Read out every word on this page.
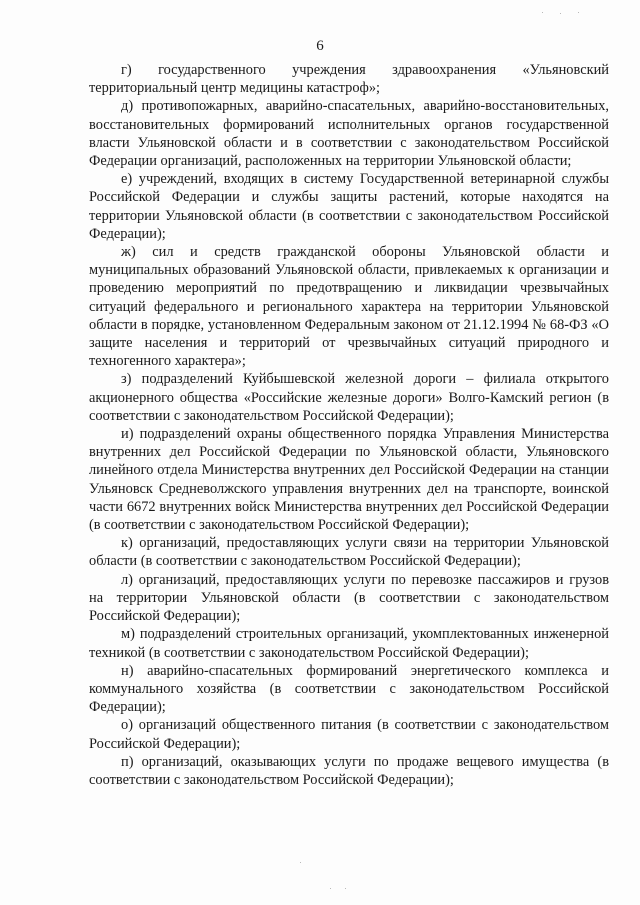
6

г) государственного учреждения здравоохранения «Ульяновский территориальный центр медицины катастроф»;

д) противопожарных, аварийно-спасательных, аварийно-восстановительных, восстановительных формирований исполнительных органов государственной власти Ульяновской области и в соответствии с законодательством Российской Федерации организаций, расположенных на территории Ульяновской области;

е) учреждений, входящих в систему Государственной ветеринарной службы Российской Федерации и службы защиты растений, которые находятся на территории Ульяновской области (в соответствии с законодательством Российской Федерации);

ж) сил и средств гражданской обороны Ульяновской области и муниципальных образований Ульяновской области, привлекаемых к организации и проведению мероприятий по предотвращению и ликвидации чрезвычайных ситуаций федерального и регионального характера на территории Ульяновской области в порядке, установленном Федеральным законом от 21.12.1994 № 68-ФЗ «О защите населения и территорий от чрезвычайных ситуаций природного и техногенного характера»;

з) подразделений Куйбышевской железной дороги – филиала открытого акционерного общества «Российские железные дороги» Волго-Камский регион (в соответствии с законодательством Российской Федерации);

и) подразделений охраны общественного порядка Управления Министерства внутренних дел Российской Федерации по Ульяновской области, Ульяновского линейного отдела Министерства внутренних дел Российской Федерации на станции Ульяновск Средневолжского управления внутренних дел на транспорте, воинской части 6672 внутренних войск Министерства внутренних дел Российской Федерации (в соответствии с законодательством Российской Федерации);

к) организаций, предоставляющих услуги связи на территории Ульяновской области (в соответствии с законодательством Российской Федерации);

л) организаций, предоставляющих услуги по перевозке пассажиров и грузов на территории Ульяновской области (в соответствии с законодательством Российской Федерации);

м) подразделений строительных организаций, укомплектованных инженерной техникой (в соответствии с законодательством Российской Федерации);

н) аварийно-спасательных формирований энергетического комплекса и коммунального хозяйства (в соответствии с законодательством Российской Федерации);

о) организаций общественного питания (в соответствии с законодательством Российской Федерации);

п) организаций, оказывающих услуги по продаже вещевого имущества (в соответствии с законодательством Российской Федерации);
